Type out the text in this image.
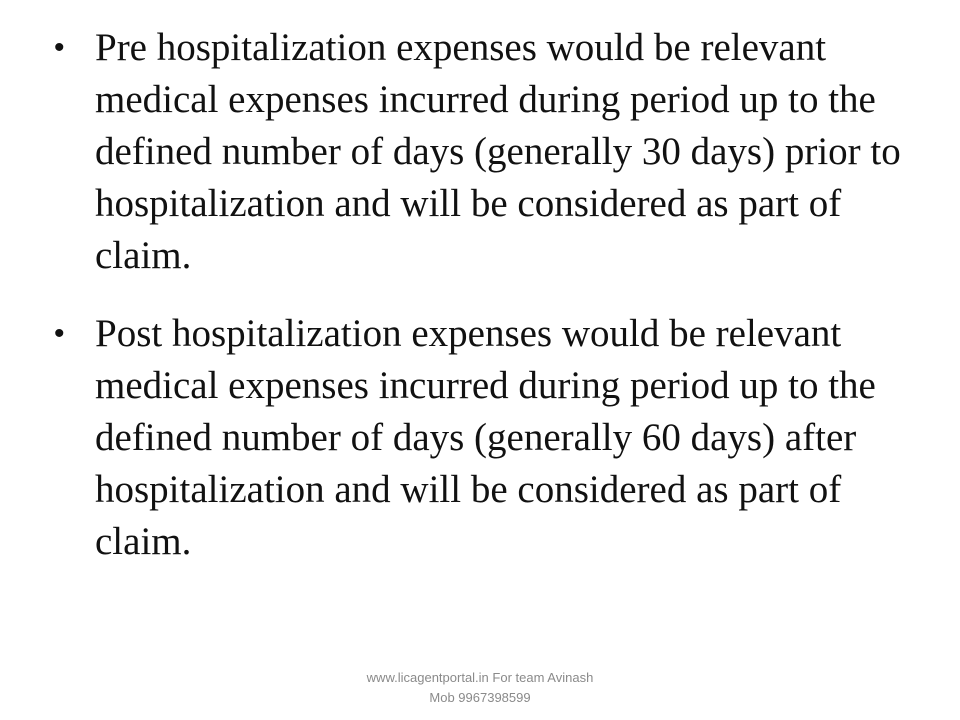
• Pre hospitalization expenses would be relevant medical expenses incurred during period up to the defined number of days (generally 30 days) prior to hospitalization and will be considered as part of claim.
• Post hospitalization expenses would be relevant medical expenses incurred during period up to the defined number of days (generally 60 days) after hospitalization and will be considered as part of claim.
www.licagentportal.in For team Avinash
Mob 9967398599
